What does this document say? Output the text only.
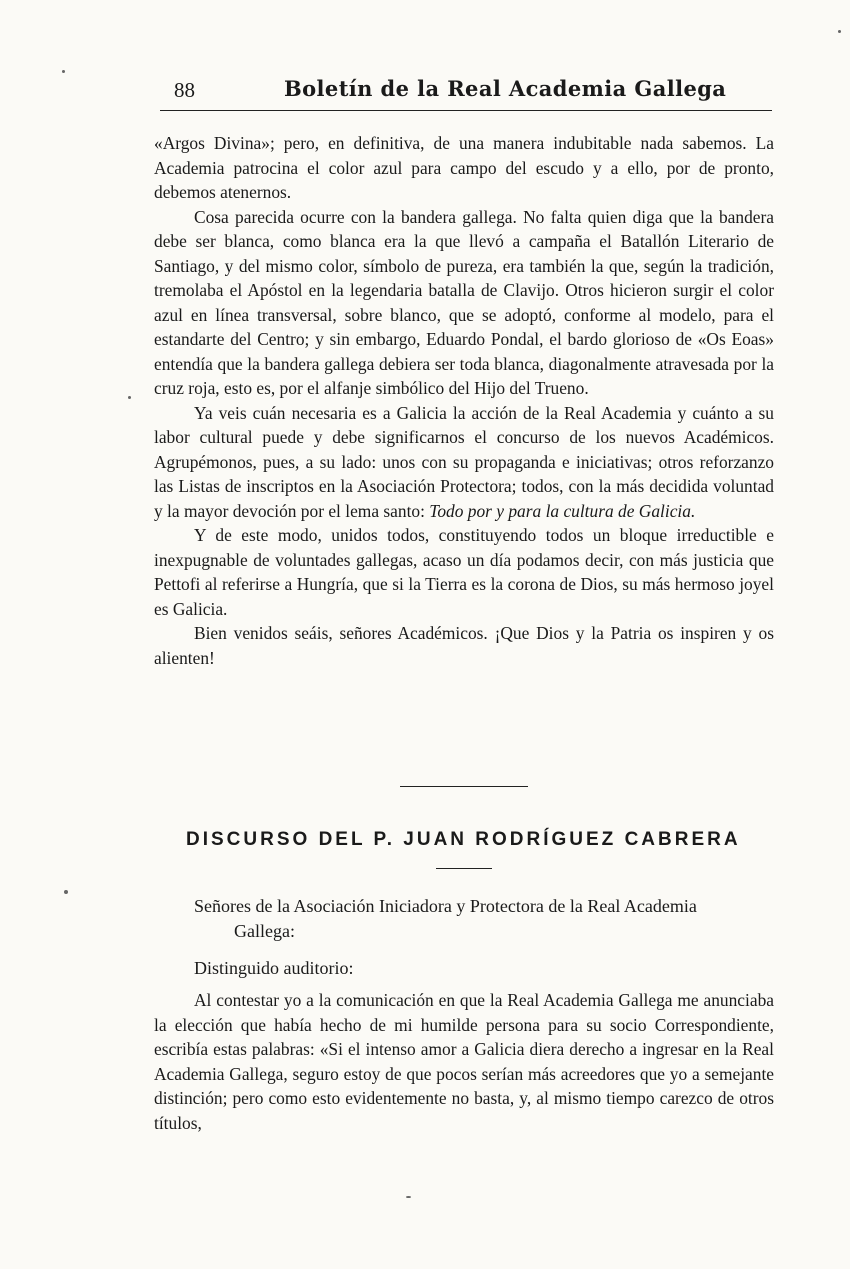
88	Boletín de la Real Academia Gallega

«Argos Divina»; pero, en definitiva, de una manera indubitable nada sabemos. La Academia patrocina el color azul para campo del escudo y a ello, por de pronto, debemos atenernos.

Cosa parecida ocurre con la bandera gallega. No falta quien diga que la bandera debe ser blanca, como blanca era la que llevó a campaña el Batallón Literario de Santiago, y del mismo color, símbolo de pureza, era también la que, según la tradición, tremolaba el Apóstol en la legendaria batalla de Clavijo. Otros hicieron surgir el color azul en línea transversal, sobre blanco, que se adoptó, conforme al modelo, para el estandarte del Centro; y sin embargo, Eduardo Pondal, el bardo glorioso de «Os Eoas» entendía que la bandera gallega debiera ser toda blanca, diagonalmente atravesada por la cruz roja, esto es, por el alfanje simbólico del Hijo del Trueno.

Ya veis cuán necesaria es a Galicia la acción de la Real Academia y cuánto a su labor cultural puede y debe significarnos el concurso de los nuevos Académicos. Agrupémonos, pues, a su lado: unos con su propaganda e iniciativas; otros reforzanzo las Listas de inscriptos en la Asociación Protectora; todos, con la más decidida voluntad y la mayor devoción por el lema santo: Todo por y para la cultura de Galicia.

Y de este modo, unidos todos, constituyendo todos un bloque irreductible e inexpugnable de voluntades gallegas, acaso un día podamos decir, con más justicia que Pettofi al referirse a Hungría, que si la Tierra es la corona de Dios, su más hermoso joyel es Galicia.

Bien venidos seáis, señores Académicos. ¡Que Dios y la Patria os inspiren y os alienten!

DISCURSO DEL P. JUAN RODRÍGUEZ CABRERA
Señores de la Asociación Iniciadora y Protectora de la Real Academia
Gallega:
Distinguido auditorio:

Al contestar yo a la comunicación en que la Real Academia Gallega me anunciaba la elección que había hecho de mi humilde persona para su socio Correspondiente, escribía estas palabras: «Si el intenso amor a Galicia diera derecho a ingresar en la Real Academia Gallega, seguro estoy de que pocos serían más acreedores que yo a semejante distinción; pero como esto evidentemente no basta, y, al mismo tiempo carezco de otros títulos,
